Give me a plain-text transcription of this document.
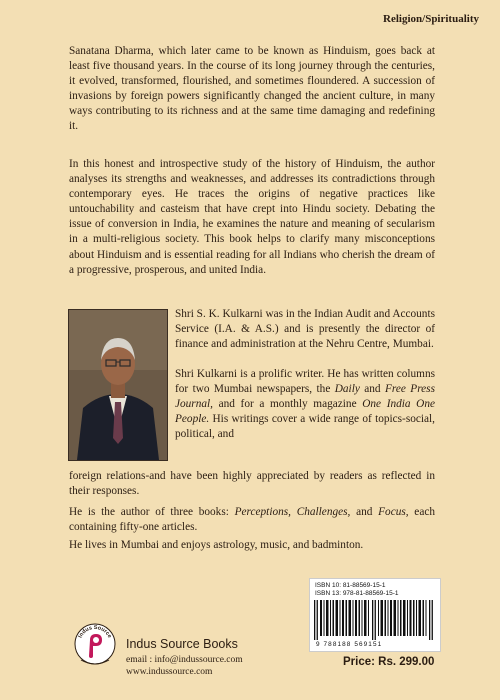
Religion/Spirituality

Sanatana Dharma, which later came to be known as Hinduism, goes back at least five thousand years. In the course of its long journey through the centuries, it evolved, transformed, flourished, and sometimes floundered. A succession of invasions by foreign powers significantly changed the ancient culture, in many ways contributing to its richness and at the same time damaging and redefining it.

In this honest and introspective study of the history of Hinduism, the author analyses its strengths and weaknesses, and addresses its contradictions through contemporary eyes. He traces the origins of negative practices like untouchability and casteism that have crept into Hindu society. Debating the issue of conversion in India, he examines the nature and meaning of secularism in a multi-religious society. This book helps to clarify many misconceptions about Hinduism and is essential reading for all Indians who cherish the dream of a progressive, prosperous, and united India.

Shri S. K. Kulkarni was in the Indian Audit and Accounts Service (I.A. & A.S.) and is presently the director of finance and administration at the Nehru Centre, Mumbai.

Shri Kulkarni is a prolific writer. He has written columns for two Mumbai newspapers, the Daily and Free Press Journal, and for a monthly magazine One India One People. His writings cover a wide range of topics-social, political, and

foreign relations-and have been highly appreciated by readers as reflected in their responses.

He is the author of three books: Perceptions, Challenges, and Focus, each containing fifty-one articles.

He lives in Mumbai and enjoys astrology, music, and badminton.

ISBN 10: 81-88569-15-1
ISBN 13: 978-81-88569-15-1
9 788188 569151
Price: Rs. 299.00
Indus Source
Indus Source Books
email : info@indussource.com
www.indussource.com
